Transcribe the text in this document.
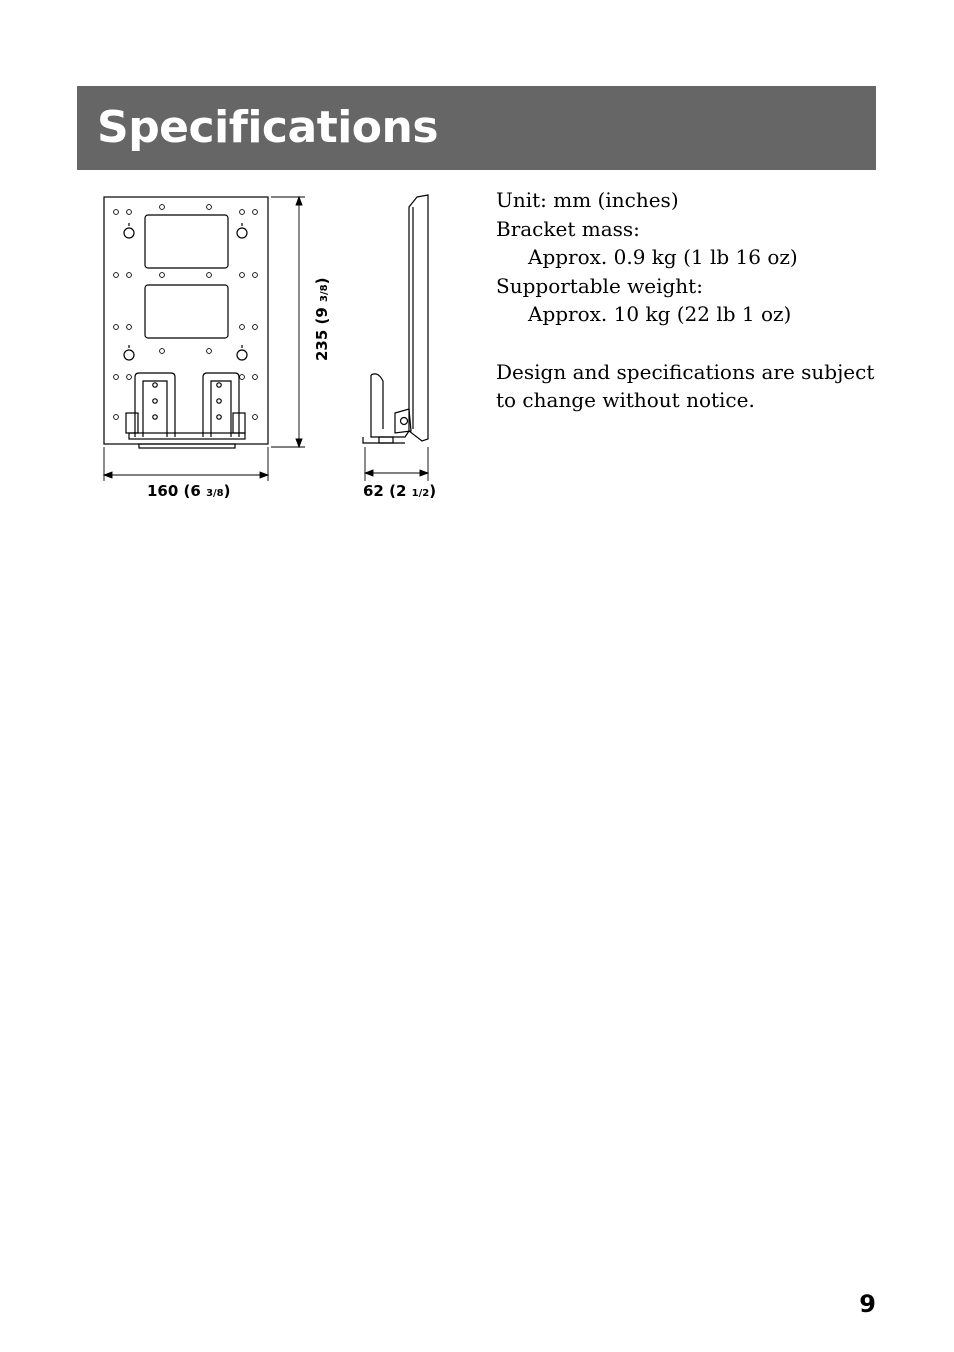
Specifications
160 (6 3/8)
235 (9 3/8)
62 (2 1/2)
Unit: mm (inches)
Bracket mass:
Approx. 0.9 kg (1 lb 16 oz)
Supportable weight:
Approx. 10 kg (22 lb 1 oz)
Design and specifications are subject
to change without notice.
9
